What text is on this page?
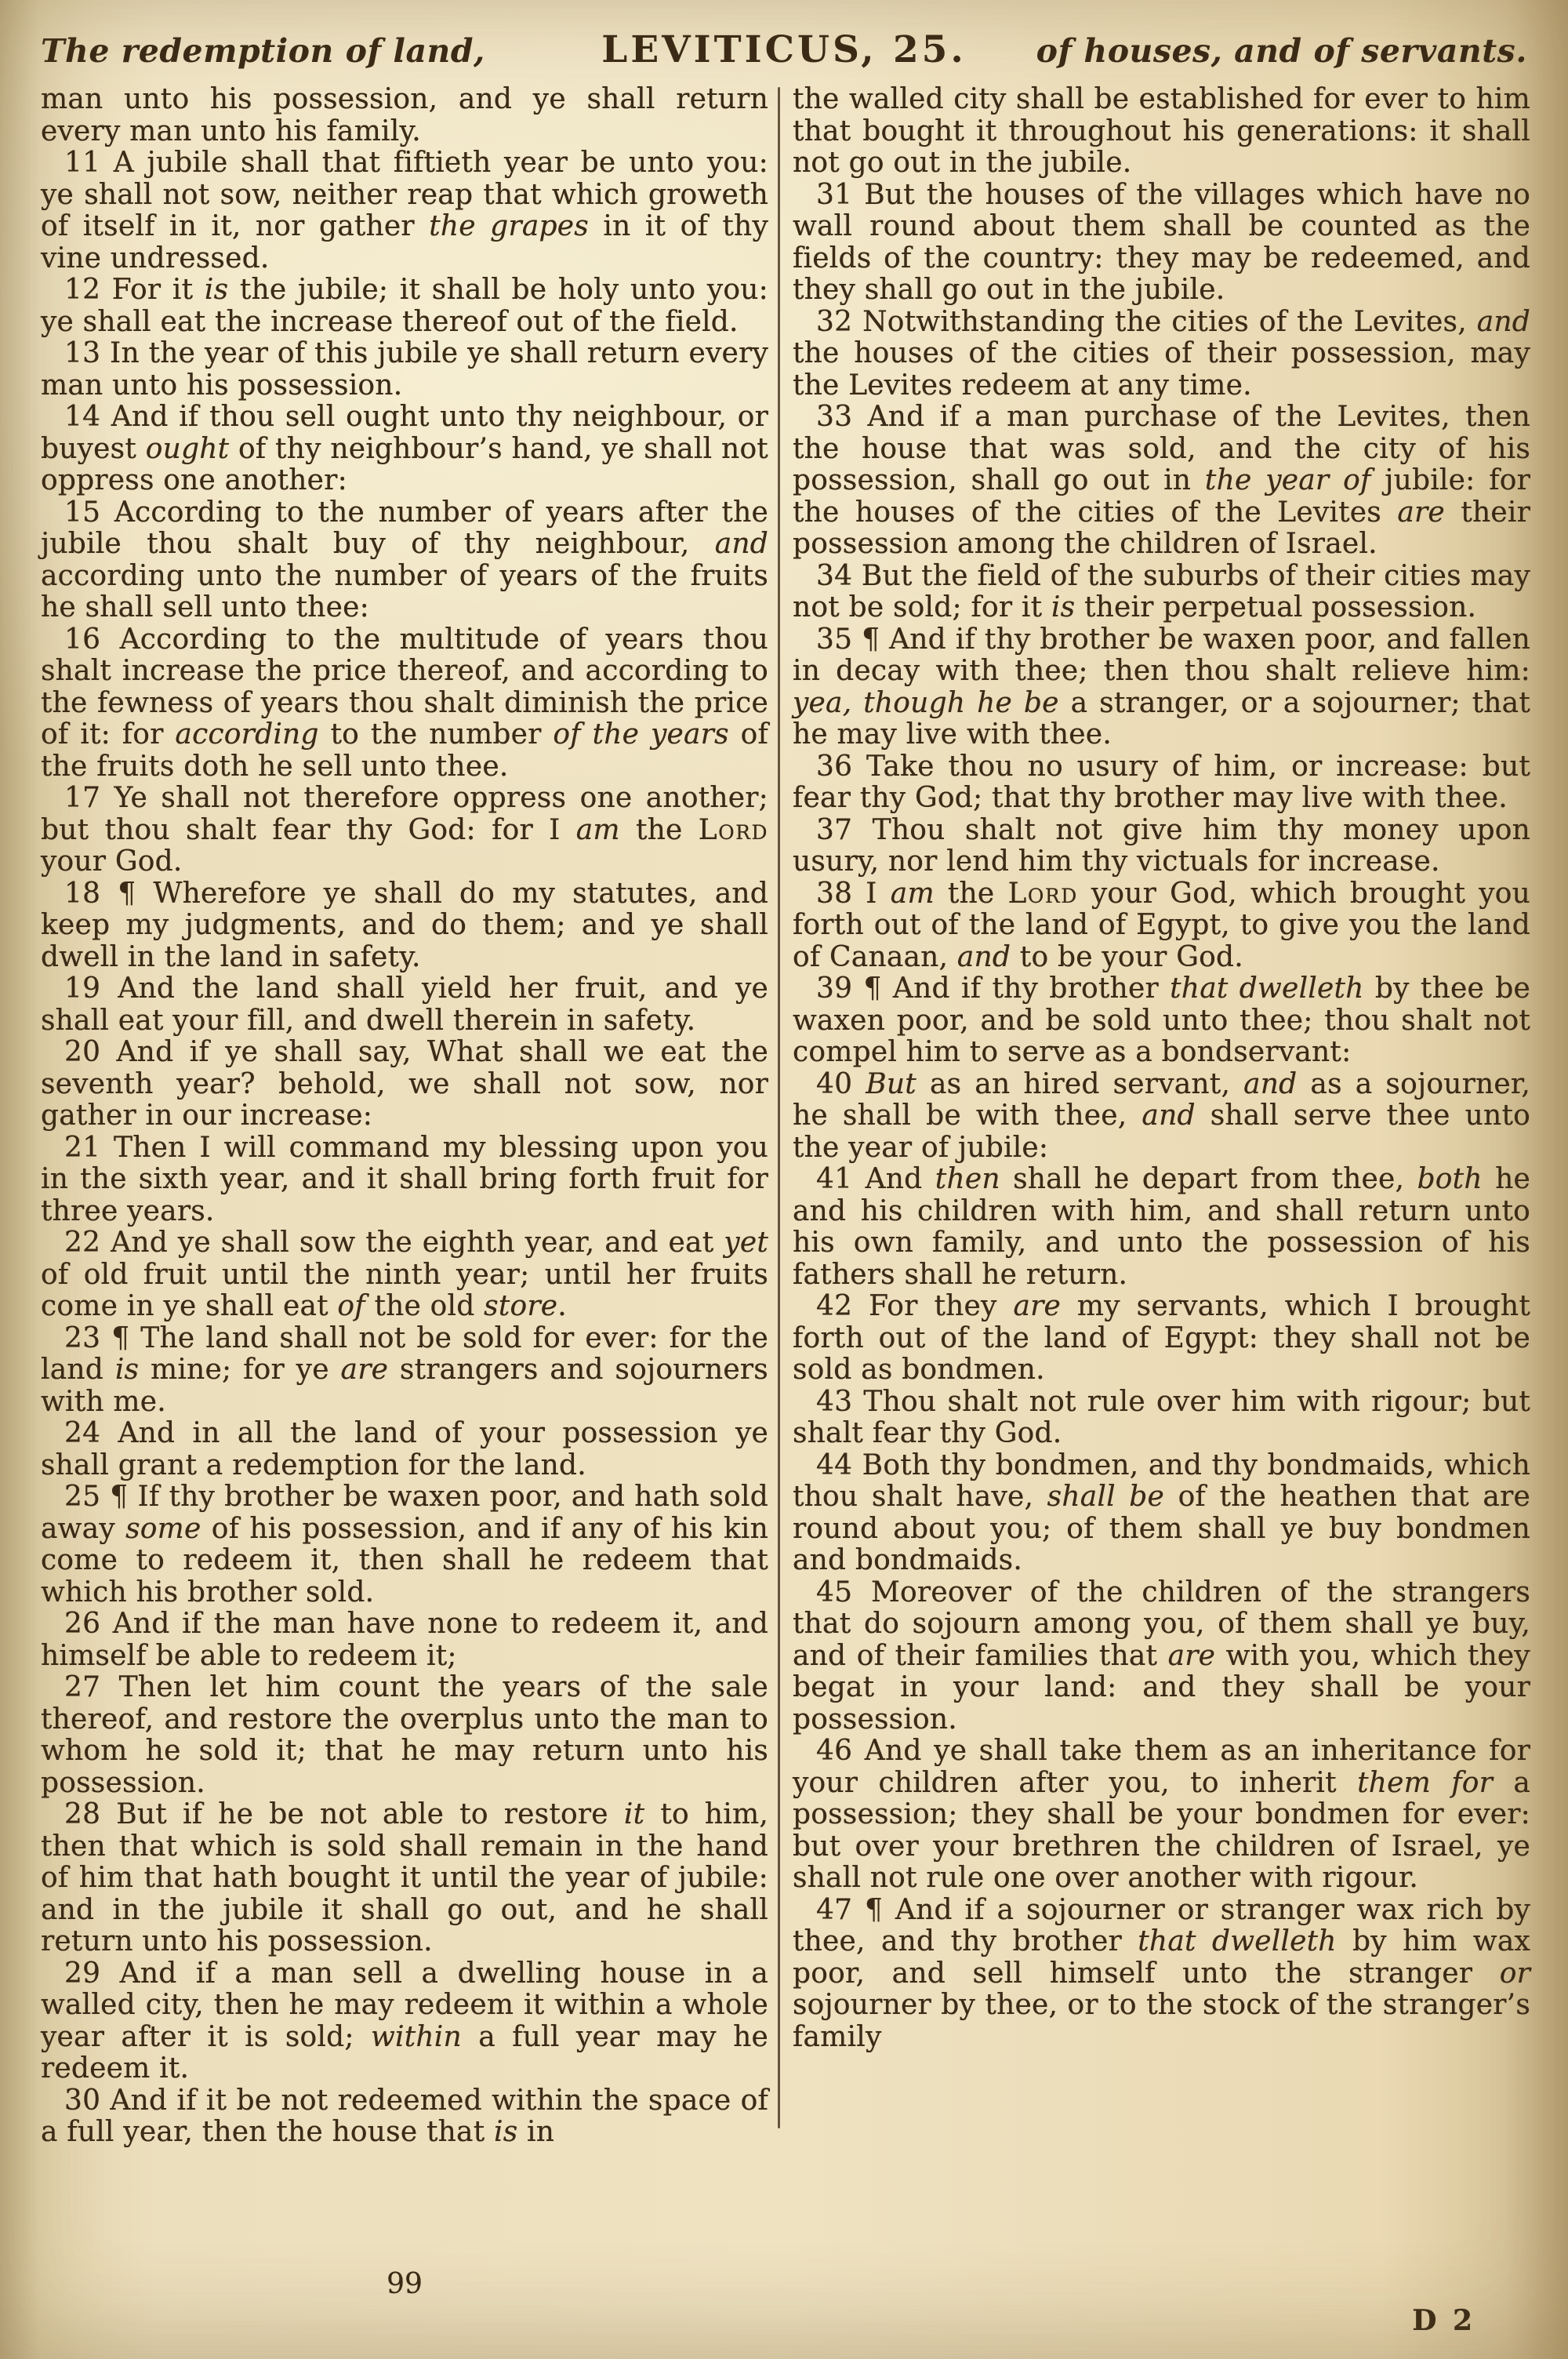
The redemption of land,	LEVITICUS, 25.	of houses, and of servants.

man unto his possession, and ye shall return every man unto his family.

11 A jubile shall that fiftieth year be unto you: ye shall not sow, neither reap that which groweth of itself in it, nor gather the grapes in it of thy vine undressed.

12 For it is the jubile; it shall be holy unto you: ye shall eat the increase thereof out of the field.

13 In the year of this jubile ye shall return every man unto his possession.

14 And if thou sell ought unto thy neighbour, or buyest ought of thy neighbour’s hand, ye shall not oppress one another:

15 According to the number of years after the jubile thou shalt buy of thy neighbour, and according unto the number of years of the fruits he shall sell unto thee:

16 According to the multitude of years thou shalt increase the price thereof, and according to the fewness of years thou shalt diminish the price of it: for according to the number of the years of the fruits doth he sell unto thee.

17 Ye shall not therefore oppress one another; but thou shalt fear thy God: for I am the Lord your God.

18 ¶ Wherefore ye shall do my statutes, and keep my judgments, and do them; and ye shall dwell in the land in safety.

19 And the land shall yield her fruit, and ye shall eat your fill, and dwell therein in safety.

20 And if ye shall say, What shall we eat the seventh year? behold, we shall not sow, nor gather in our increase:

21 Then I will command my blessing upon you in the sixth year, and it shall bring forth fruit for three years.

22 And ye shall sow the eighth year, and eat yet of old fruit until the ninth year; until her fruits come in ye shall eat of the old store.

23 ¶ The land shall not be sold for ever: for the land is mine; for ye are strangers and sojourners with me.

24 And in all the land of your possession ye shall grant a redemption for the land.

25 ¶ If thy brother be waxen poor, and hath sold away some of his possession, and if any of his kin come to redeem it, then shall he redeem that which his brother sold.

26 And if the man have none to redeem it, and himself be able to redeem it;

27 Then let him count the years of the sale thereof, and restore the overplus unto the man to whom he sold it; that he may return unto his possession.

28 But if he be not able to restore it to him, then that which is sold shall remain in the hand of him that hath bought it until the year of jubile: and in the jubile it shall go out, and he shall return unto his possession.

29 And if a man sell a dwelling house in a walled city, then he may redeem it within a whole year after it is sold; within a full year may he redeem it.

30 And if it be not redeemed within the space of a full year, then the house that is in

the walled city shall be established for ever to him that bought it throughout his generations: it shall not go out in the jubile.

31 But the houses of the villages which have no wall round about them shall be counted as the fields of the country: they may be redeemed, and they shall go out in the jubile.

32 Notwithstanding the cities of the Levites, and the houses of the cities of their possession, may the Levites redeem at any time.

33 And if a man purchase of the Levites, then the house that was sold, and the city of his possession, shall go out in the year of jubile: for the houses of the cities of the Levites are their possession among the children of Israel.

34 But the field of the suburbs of their cities may not be sold; for it is their perpetual possession.

35 ¶ And if thy brother be waxen poor, and fallen in decay with thee; then thou shalt relieve him: yea, though he be a stranger, or a sojourner; that he may live with thee.

36 Take thou no usury of him, or increase: but fear thy God; that thy brother may live with thee.

37 Thou shalt not give him thy money upon usury, nor lend him thy victuals for increase.

38 I am the Lord your God, which brought you forth out of the land of Egypt, to give you the land of Canaan, and to be your God.

39 ¶ And if thy brother that dwelleth by thee be waxen poor, and be sold unto thee; thou shalt not compel him to serve as a bondservant:

40 But as an hired servant, and as a sojourner, he shall be with thee, and shall serve thee unto the year of jubile:

41 And then shall he depart from thee, both he and his children with him, and shall return unto his own family, and unto the possession of his fathers shall he return.

42 For they are my servants, which I brought forth out of the land of Egypt: they shall not be sold as bondmen.

43 Thou shalt not rule over him with rigour; but shalt fear thy God.

44 Both thy bondmen, and thy bondmaids, which thou shalt have, shall be of the heathen that are round about you; of them shall ye buy bondmen and bondmaids.

45 Moreover of the children of the strangers that do sojourn among you, of them shall ye buy, and of their families that are with you, which they begat in your land: and they shall be your possession.

46 And ye shall take them as an inheritance for your children after you, to inherit them for a possession; they shall be your bondmen for ever: but over your brethren the children of Israel, ye shall not rule one over another with rigour.

47 ¶ And if a sojourner or stranger wax rich by thee, and thy brother that dwelleth by him wax poor, and sell himself unto the stranger or sojourner by thee, or to the stock of the stranger’s family

99
D 2
